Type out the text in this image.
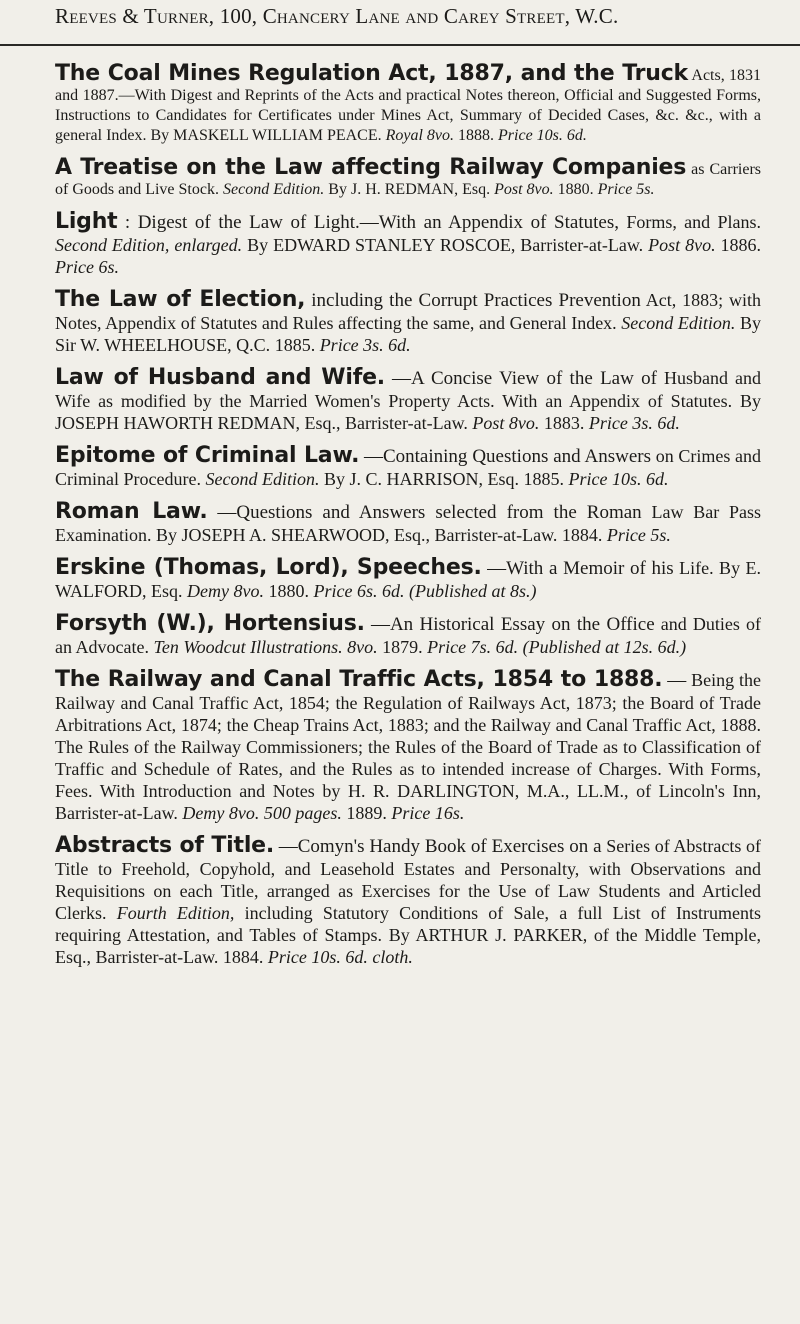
Reeves & Turner, 100, Chancery Lane and Carey Street, W.C.

The Coal Mines Regulation Act, 1887, and the Truck Acts, 1831 and 1887.—With Digest and Reprints of the Acts and practical Notes thereon, Official and Suggested Forms, Instructions to Candidates for Certificates under Mines Act, Summary of Decided Cases, &c. &c., with a general Index. By MASKELL WILLIAM PEACE. Royal 8vo. 1888. Price 10s. 6d.

A Treatise on the Law affecting Railway Companies as Carriers of Goods and Live Stock. Second Edition. By J. H. REDMAN, Esq. Post 8vo. 1880. Price 5s.

Light : Digest of the Law of Light.—With an Appendix of Statutes, Forms, and Plans. Second Edition, enlarged. By EDWARD STANLEY ROSCOE, Barrister-at-Law. Post 8vo. 1886. Price 6s.

The Law of Election, including the Corrupt Practices Prevention Act, 1883; with Notes, Appendix of Statutes and Rules affecting the same, and General Index. Second Edition. By Sir W. WHEELHOUSE, Q.C. 1885. Price 3s. 6d.

Law of Husband and Wife. —A Concise View of the Law of Husband and Wife as modified by the Married Women's Property Acts. With an Appendix of Statutes. By JOSEPH HAWORTH REDMAN, Esq., Barrister-at-Law. Post 8vo. 1883. Price 3s. 6d.

Epitome of Criminal Law. —Containing Questions and Answers on Crimes and Criminal Procedure. Second Edition. By J. C. HARRISON, Esq. 1885. Price 10s. 6d.

Roman Law. —Questions and Answers selected from the Roman Law Bar Pass Examination. By JOSEPH A. SHEARWOOD, Esq., Barrister-at-Law. 1884. Price 5s.

Erskine (Thomas, Lord), Speeches. —With a Memoir of his Life. By E. WALFORD, Esq. Demy 8vo. 1880. Price 6s. 6d. (Published at 8s.)

Forsyth (W.), Hortensius. —An Historical Essay on the Office and Duties of an Advocate. Ten Woodcut Illustrations. 8vo. 1879. Price 7s. 6d. (Published at 12s. 6d.)

The Railway and Canal Traffic Acts, 1854 to 1888. — Being the Railway and Canal Traffic Act, 1854; the Regulation of Railways Act, 1873; the Board of Trade Arbitrations Act, 1874; the Cheap Trains Act, 1883; and the Railway and Canal Traffic Act, 1888. The Rules of the Railway Commissioners; the Rules of the Board of Trade as to Classification of Traffic and Schedule of Rates, and the Rules as to intended increase of Charges. With Forms, Fees. With Introduction and Notes by H. R. DARLINGTON, M.A., LL.M., of Lincoln's Inn, Barrister-at-Law. Demy 8vo. 500 pages. 1889. Price 16s.

Abstracts of Title. —Comyn's Handy Book of Exercises on a Series of Abstracts of Title to Freehold, Copyhold, and Leasehold Estates and Personalty, with Observations and Requisitions on each Title, arranged as Exercises for the Use of Law Students and Articled Clerks. Fourth Edition, including Statutory Conditions of Sale, a full List of Instruments requiring Attestation, and Tables of Stamps. By ARTHUR J. PARKER, of the Middle Temple, Esq., Barrister-at-Law. 1884. Price 10s. 6d. cloth.
